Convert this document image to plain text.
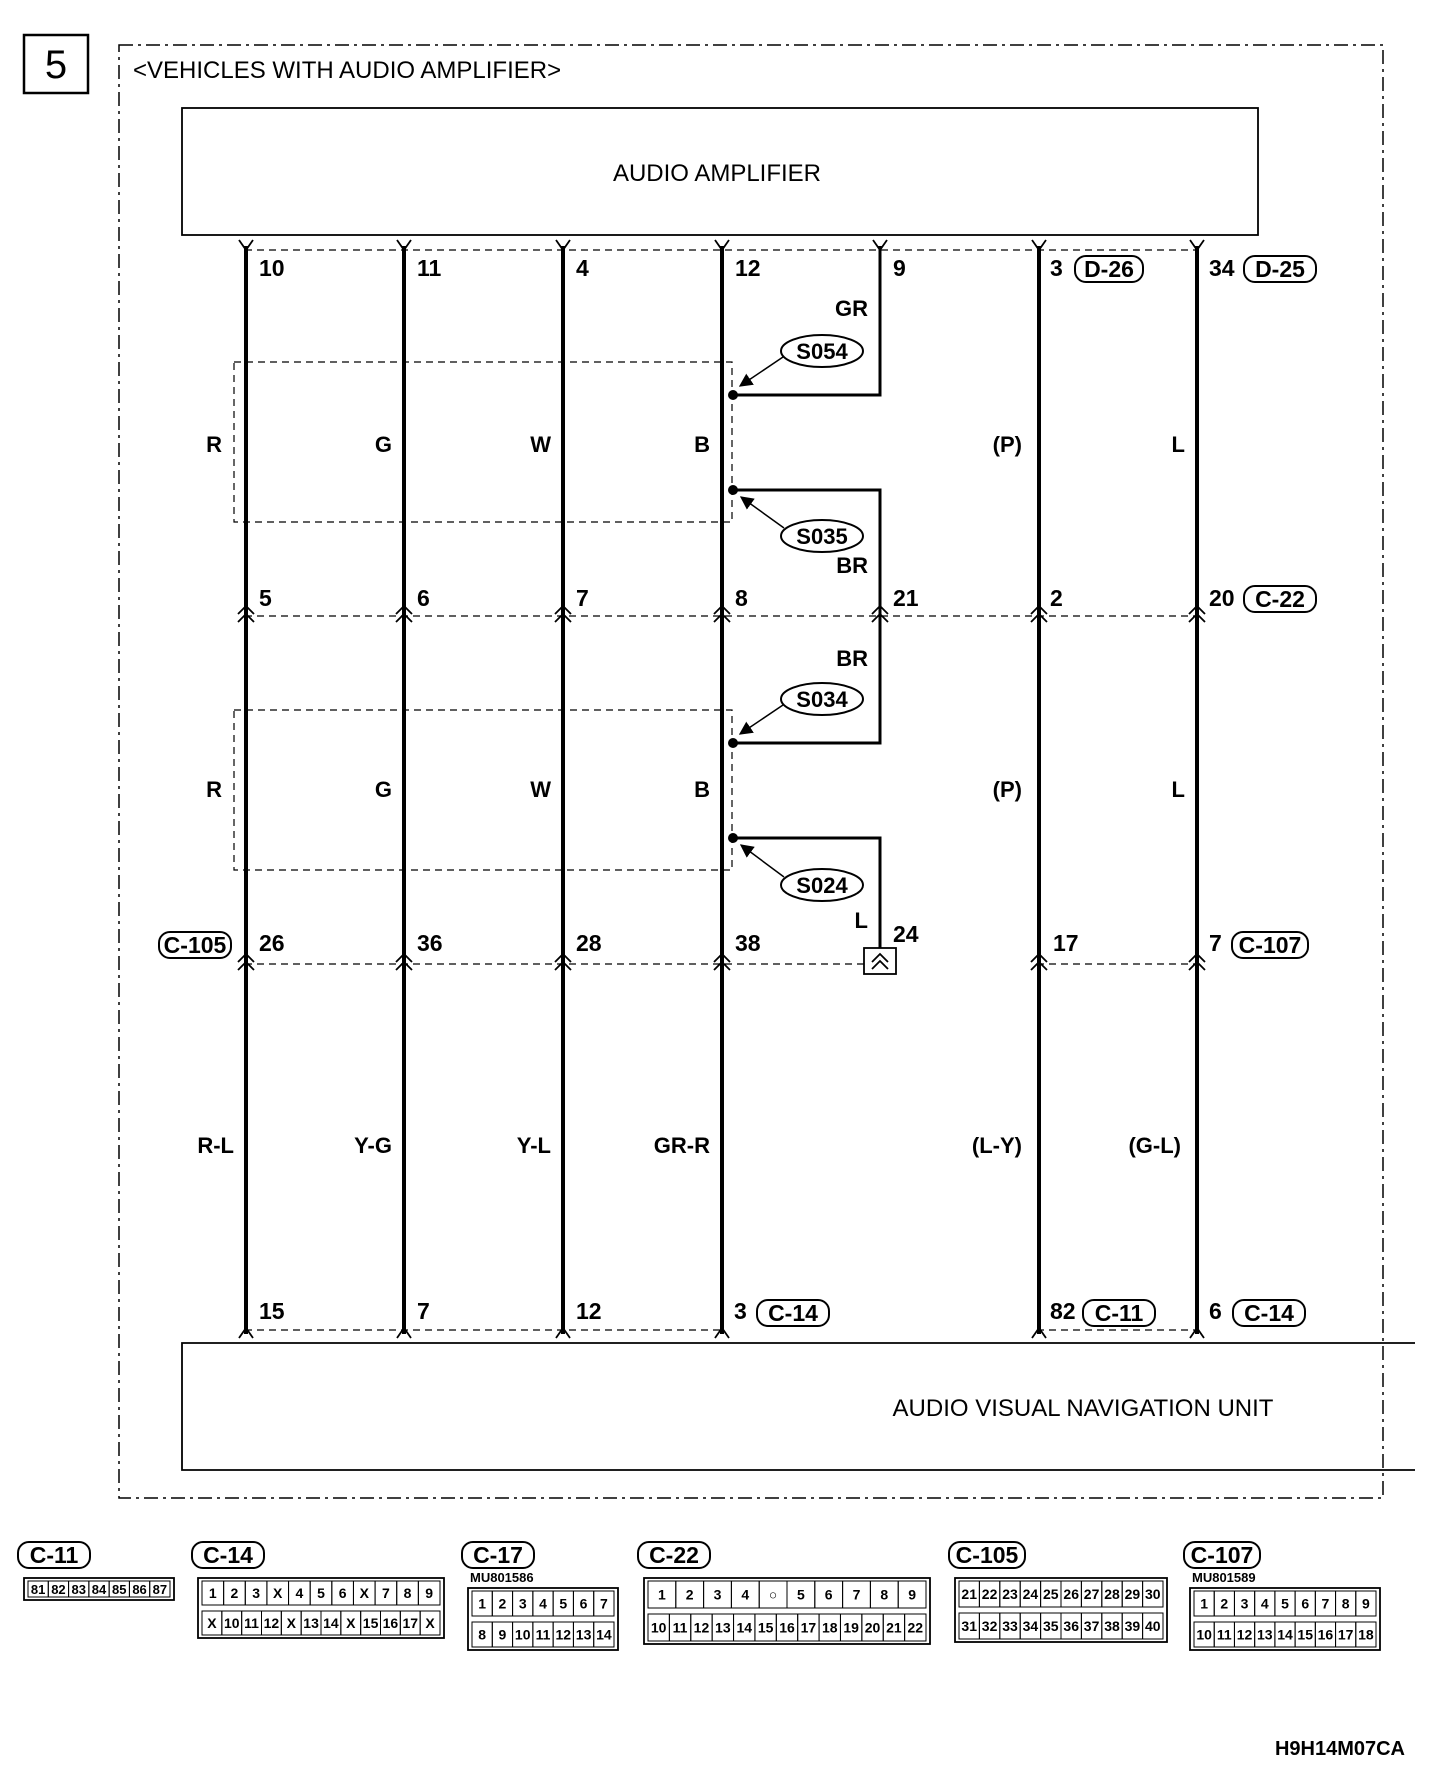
5	<VEHICLES WITH AUDIO AMPLIFIER>
AUDIO AMPLIFIER
AUDIO VISUAL NAVIGATION UNIT
S054
S035
S034
S024
10	11	4	12	9	3	34
5	6	7	8	21	2	20
26	36	28	38	24	17	7
15	7	12	3	82	6
D-26	D-25
C-22
C-105	C-107
C-14	C-11	C-14
R	G	W	B	(P)	L
R	G	W	B	(P)	L
R-L	Y-G	Y-L	GR-R	(L-Y)	(G-L)
GR
BR
BR
L
C-11
81 82 83 84 85 86 87
C-14
1 2 3 X 4 5 6 X 7 8 9
X 10 11 12 X 13 14 X 15 16 17 X
C-17
MU801586
1 2 3 4 5 6 7
8 9 10 11 12 13 14
C-22
1 2 3 4 ○ 5 6 7 8 9
10 11 12 13 14 15 16 17 18 19 20 21 22
C-105
21 22 23 24 25 26 27 28 29 30
31 32 33 34 35 36 37 38 39 40
C-107
MU801589
1 2 3 4 5 6 7 8 9
10 11 12 13 14 15 16 17 18
H9H14M07CA
